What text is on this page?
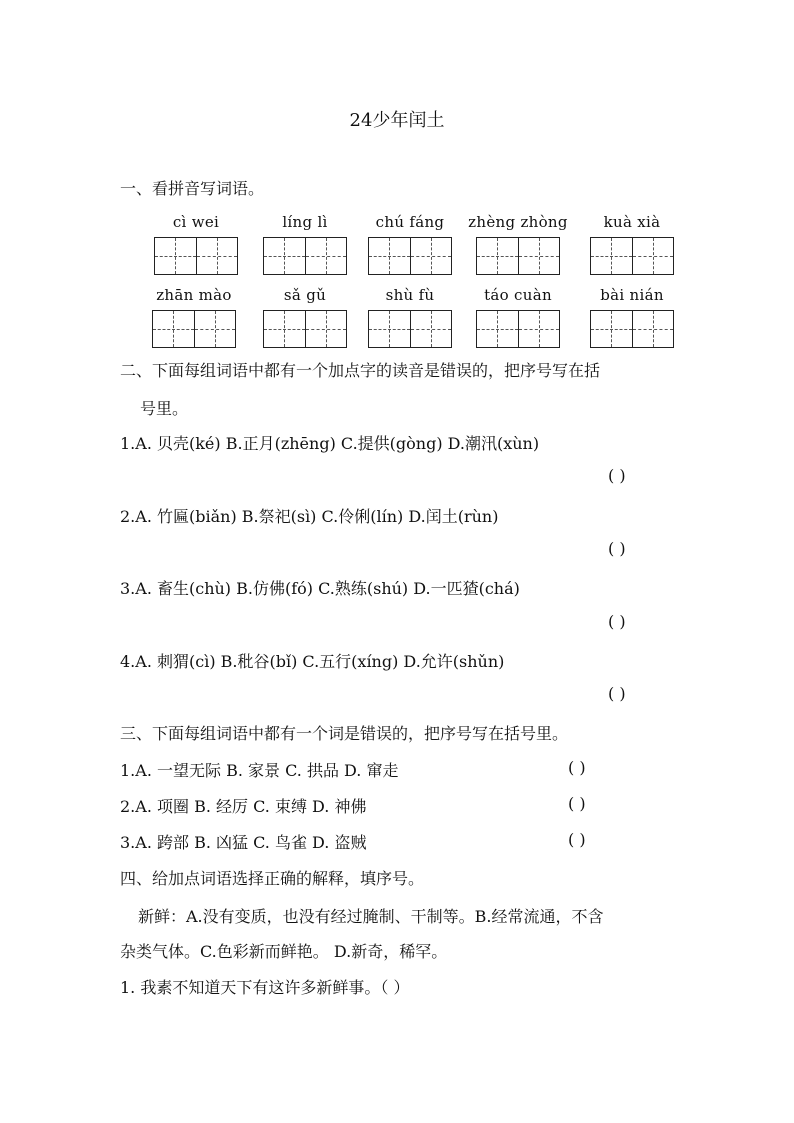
24少年闰土
一、看拼音写词语。
cì wei	líng lì	chú fáng	zhèng zhòng	kuà xià
zhān mào	sǎ gǔ	shù fù	táo cuàn	bài nián
二、下面每组词语中都有一个加点字的读音是错误的，把序号写在括
号里。
1.A. 贝壳(ké) B.正月(zhēng) C.提供(gòng) D.潮汛(xùn)
( )
2.A. 竹匾(biǎn) B.祭祀(sì) C.伶俐(lín) D.闰土(rùn)
( )
3.A. 畜生(chù) B.仿佛(fó) C.熟练(shú) D.一匹猹(chá)
( )
4.A. 刺猬(cì) B.秕谷(bǐ) C.五行(xíng) D.允许(shǔn)
( )
三、下面每组词语中都有一个词是错误的，把序号写在括号里。
1.A. 一望无际 B. 家景 C. 拱品 D. 窜走	( )
2.A. 项圈 B. 经厉 C. 束缚 D. 神佛	( )
3.A. 跨部 B. 凶猛 C. 鸟雀 D. 盗贼	( )
四、给加点词语选择正确的解释，填序号。
新鲜：A.没有变质，也没有经过腌制、干制等。B.经常流通，不含
杂类气体。C.色彩新而鲜艳。 D.新奇，稀罕。
1. 我素不知道天下有这许多新鲜事。（ ）
